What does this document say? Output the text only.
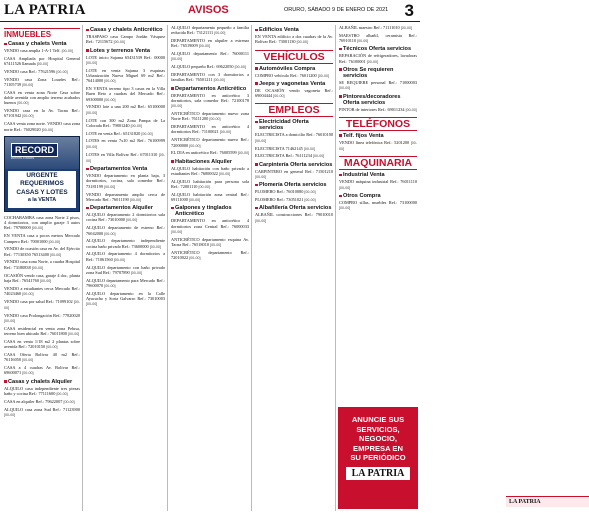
LA PATRIA	AVISOS	ORURO, SÁBADO 9 DE ENERO DE 2021 3
INMUEBLES
Casas y chalets Venta
VENDO casa amplia 1-A-1 Telf. [00-00]
CASA Ampliada por Hospital General 67411526 llamada [00-00]
VENDO casa Ref.: 77621596 [00-00]
VENDO casa Zona Lourdes Ref.: 71105739 [00-00]
CASA en venta zona Norte Casa sobre doble avenida con amplio terreno acabados buenos [00-00]
VENDO casa en la Av. Tacna Ref.: 67101942 [00-00]
CASA venta zona norte. VENDO casa zona norte Ref.: 76029020 [00-00]
RECORD
Bienes Raíces
URGENTE
REQUERIMOS
CASAS Y LOTES
a la VENTA
COCHABAMBA casa zona Norte 2 pisos, 4 dormitorios, con amplio garaje 3 autos Ref.: 79700000 [00-00]
EN VENTA casa a pocos metros Mercado Campero Ref.: 70001000 [00-00]
VENDO de ocasión casa en Av. del Ejército Ref.: 77130350 76513400 [00-00]
VENDO casa zona Norte, a cuadra Hospital Ref.: 73180838 [00-00]
OCASIÓN vendo casa, garaje 4 dor., planta baja Ref.: 76541760 [00-00]
VENDO a estudiantes cerca Mercado Ref.: 74023460 [00-00]
VENDO casa por salud Ref.: 71099102 [00-00]
VENDO casa Prolongación Ref.: 77820020 [00-00]
CASA residencial en venta zona Pelusa, terreno bien ubicado Ref.: 76011800 [00-00]
CASA en venta 1/18 m2 2 plantas sobre avenida Ref.: 72010150 [00-00]
CASA Oferta Bolívar 40 m2 Ref.: 76116050 [00-00]
CASA a 4 cuadras Av. Bolívar Ref.: 69600071 [00-00]
Casas y chalets Alquiler
ALQUILO casa independiente tres piezas baño y cocina Ref.: 77111600 [00-00]
CASA en alquiler Ref.: 79622007 [00-00]
ALQUILO casa zona Sud Ref.: 71123900 [00-00]
Casas y chalets Anticrético
TRASPASO casa Campo Jordán Vásquez Ref.: 72115672 [00-00]
Lotes y terrenos Venta
LOTE inicio Sajama 65431539 Ref.: 00000 [00-00]
LOTE en venta Sajama 3 esquinas Urbanización Nueva Miguel 69 m2 Ref.: 76414000 [00-00]
EN VENTA terreno tipo 3 casas en la Villa Buen Reto a cuadras del Mercado Ref.: 69300000 [00-00]
VENDO lote a una 200 m2 Ref.: 65100000 [00-00]
LOTE con 300 m2 Zona Pampa de La Colorada Ref.: 79801240 [00-00]
LOTE en venta Ref.: 65131820 [00-00]
LOTES en venta 7x10 m2 Ref.: 76100999 [00-00]
LOTES en Villa Bolívar Ref.: 67011310 [00-00]
Departamentos Venta
VENDO departamento en planta baja, 3 dormitorios, cocina, sala comedor Ref.: 73181199 [00-00]
VENDO departamento amplio cerca de Mercado Ref.: 76011190 [00-00]
Departamentos Alquiler
ALQUILO departamento 2 dormitorios sala cocina Ref.: 73010000 [00-00]
ALQUILO departamento de estreno Ref.: 76042000 [00-00]
ALQUILO departamento independiente cocina baño privado Ref.: 73600000 [00-00]
ALQUILO departamento 4 dormitorios a Ref.: 71061560 [00-00]
ALQUILO departamento con baño privado zona Sud Ref.: 79707890 [00-00]
ALQUILO departamento para Mercado Ref.: 79600070 [00-00]
ALQUILO departamento en la Calle Ayacucho y Soria Galvarro Ref.: 73010003 [00-00]
ALQUILO departamento pequeño a familia reducida Ref.: 73121111 [00-00]
DEPARTAMENTO en alquiler a estrenar Ref.: 76519009 [00-00]
ALQUILO departamento Ref.: 76000111 [00-00]
ALQUILO pequeño Ref.: 69622050 [00-00]
DEPARTAMENTO con 3 dormitorios a familias Ref.: 76501211 [00-00]
Departamentos Anticrético
DEPARTAMENTO en anticrético 3 dormitorios, sala comedor Ref.: 72100178 [00-00]
ANTICRÉTICO departamento nuevo zona Norte Ref.: 76111200 [00-00]
DEPARTAMENTO en anticrético 4 dormitorios Ref.: 71100021 [00-00]
ANTICRÉTICO departamento nuevo Ref.: 72000000 [00-00]
EL DIA en anticrético Ref.: 76005599 [00-00]
Habitaciones Alquiler
ALQUILO habitación con baño privado a estudiantes Ref.: 76000022 [00-00]
ALQUILO habitación para persona sola Ref.: 72001110 [00-00]
ALQUILO habitación zona central Ref.: 69111000 [00-00]
Galpones y tinglados Anticrético
DEPARTAMENTO en anticrético 4 dormitorios zona Central Ref.: 76000033 [00-00]
ANTICRÉTICO departamento esquina Av. Tacna Ref.: 76518010 [00-00]
ANTICRÉTICO departamento Ref.: 72010022 [00-00]
Edificios Venta
EN VENTA edificio a dos cuadras de la Av. Bolívar Ref.: 73001130 [00-00]
VEHÍCULOS
Automóviles Compra
COMPRO vehículo Ref.: 76011200 [00-00]
Jeeps y vagonetas Venta
DE OCASIÓN vendo vagoneta Ref.: 69004444 [00-00]
EMPLEOS
Electricidad Oferta servicios
ELECTRICISTA a domicilio Ref.: 76010100 [00-00]
ELECTRICISTA 71462145 [00-00]
ELECTRICISTA Ref.: 76111234 [00-00]
Carpintería Oferta servicios
CARPINTERO en general Ref.: 71501210 [00-00]
Plomería Oferta servicios
PLOMERO Ref.: 76010080 [00-00]
PLOMERO Ref.: 73051021 [00-00]
Albañilería Oferta servicios
ALBAÑIL construcciones Ref.: 79010010 [00-00]
LA PATRIA
ALBAÑIL maestro Ref.: 71111010 [00-00]
MAESTRO albañil, ceramista Ref.: 76910110 [00-00]
Técnicos Oferta servicios
REPARACIÓN de refrigeradores, lavadoras Ref.: 76100001 [00-00]
Otros Se requieren servicios
SE REQUIERE personal Ref.: 71000003 [00-00]
Pintores/decoradores Oferta servicios
PINTOR de interiores Ref.: 69011234 [00-00]
TELÉFONOS
Telf. fijos Venta
VENDO línea telefónica Ref.: 5201200 [00-00]
MAQUINARIA
Industrial Venta
VENDO máquina industrial Ref.: 76011110 [00-00]
Otros Compra
COMPRO sillas, muebles Ref.: 73100000 [00-00]
ANUNCIE SUS
SERVICIOS,
NEGOCIO,
EMPRESA EN
SU PERIÓDICO
LA PATRIA
